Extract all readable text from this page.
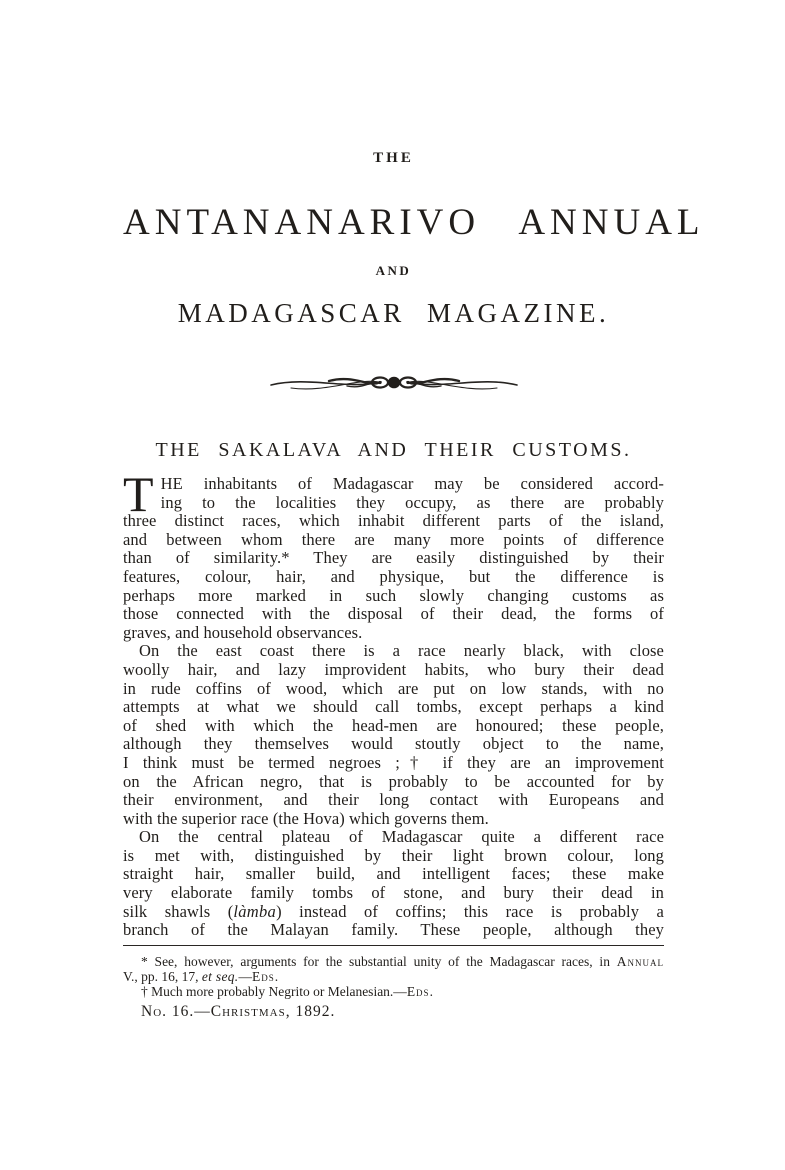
THE
ANTANANARIVO ANNUAL
AND
MADAGASCAR MAGAZINE.
THE SAKALAVA AND THEIR CUSTOMS.
T HE inhabitants of Madagascar may be considered accord-
ing to the localities they occupy, as there are probably
three distinct races, which inhabit different parts of the island,
and between whom there are many more points of difference
than of similarity.* They are easily distinguished by their
features, colour, hair, and physique, but the difference is
perhaps more marked in such slowly changing customs as
those connected with the disposal of their dead, the forms of
graves, and household observances.
On the east coast there is a race nearly black, with close
woolly hair, and lazy improvident habits, who bury their dead
in rude coffins of wood, which are put on low stands, with no
attempts at what we should call tombs, except perhaps a kind
of shed with which the head-men are honoured; these people,
although they themselves would stoutly object to the name,
I think must be termed negroes ;† if they are an improvement
on the African negro, that is probably to be accounted for by
their environment, and their long contact with Europeans and
with the superior race (the Hova) which governs them.
On the central plateau of Madagascar quite a different race
is met with, distinguished by their light brown colour, long
straight hair, smaller build, and intelligent faces; these make
very elaborate family tombs of stone, and bury their dead in
silk shawls (làmba) instead of coffins; this race is probably a
branch of the Malayan family. These people, although they
* See, however, arguments for the substantial unity of the Madagascar races, in Annual
V., pp. 16, 17, et seq.—Eds.
† Much more probably Negrito or Melanesian.—Eds.
No. 16.—Christmas, 1892.
